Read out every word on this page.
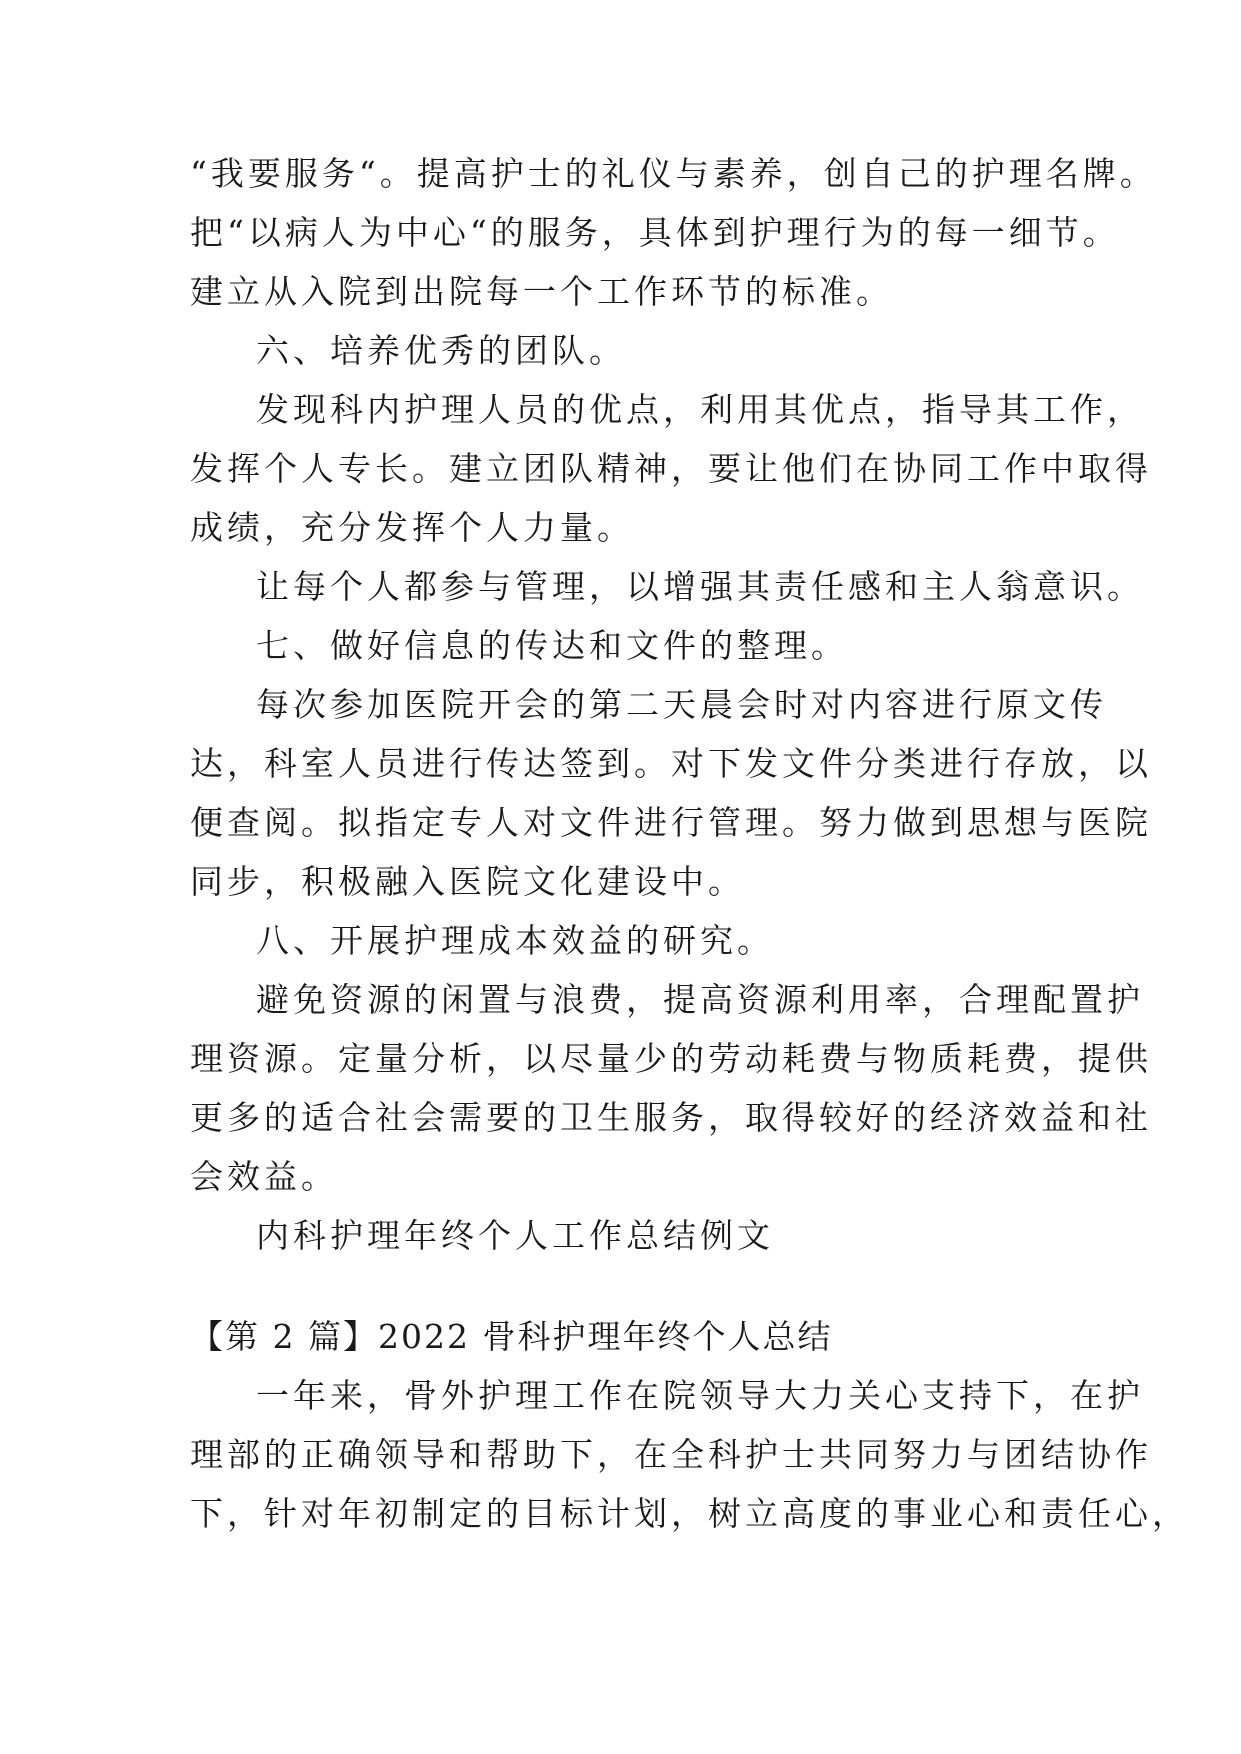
“我要服务“。提高护士的礼仪与素养，创自己的护理名牌。
把“以病人为中心“的服务，具体到护理行为的每一细节。
建立从入院到出院每一个工作环节的标准。
六、培养优秀的团队。
发现科内护理人员的优点，利用其优点，指导其工作，
发挥个人专长。建立团队精神，要让他们在协同工作中取得
成绩，充分发挥个人力量。
让每个人都参与管理，以增强其责任感和主人翁意识。
七、做好信息的传达和文件的整理。
每次参加医院开会的第二天晨会时对内容进行原文传
达，科室人员进行传达签到。对下发文件分类进行存放，以
便查阅。拟指定专人对文件进行管理。努力做到思想与医院
同步，积极融入医院文化建设中。
八、开展护理成本效益的研究。
避免资源的闲置与浪费，提高资源利用率，合理配置护
理资源。定量分析，以尽量少的劳动耗费与物质耗费，提供
更多的适合社会需要的卫生服务，取得较好的经济效益和社
会效益。
内科护理年终个人工作总结例文
【第 2 篇】2022 骨科护理年终个人总结
一年来，骨外护理工作在院领导大力关心支持下，在护
理部的正确领导和帮助下，在全科护士共同努力与团结协作
下，针对年初制定的目标计划，树立高度的事业心和责任心，
